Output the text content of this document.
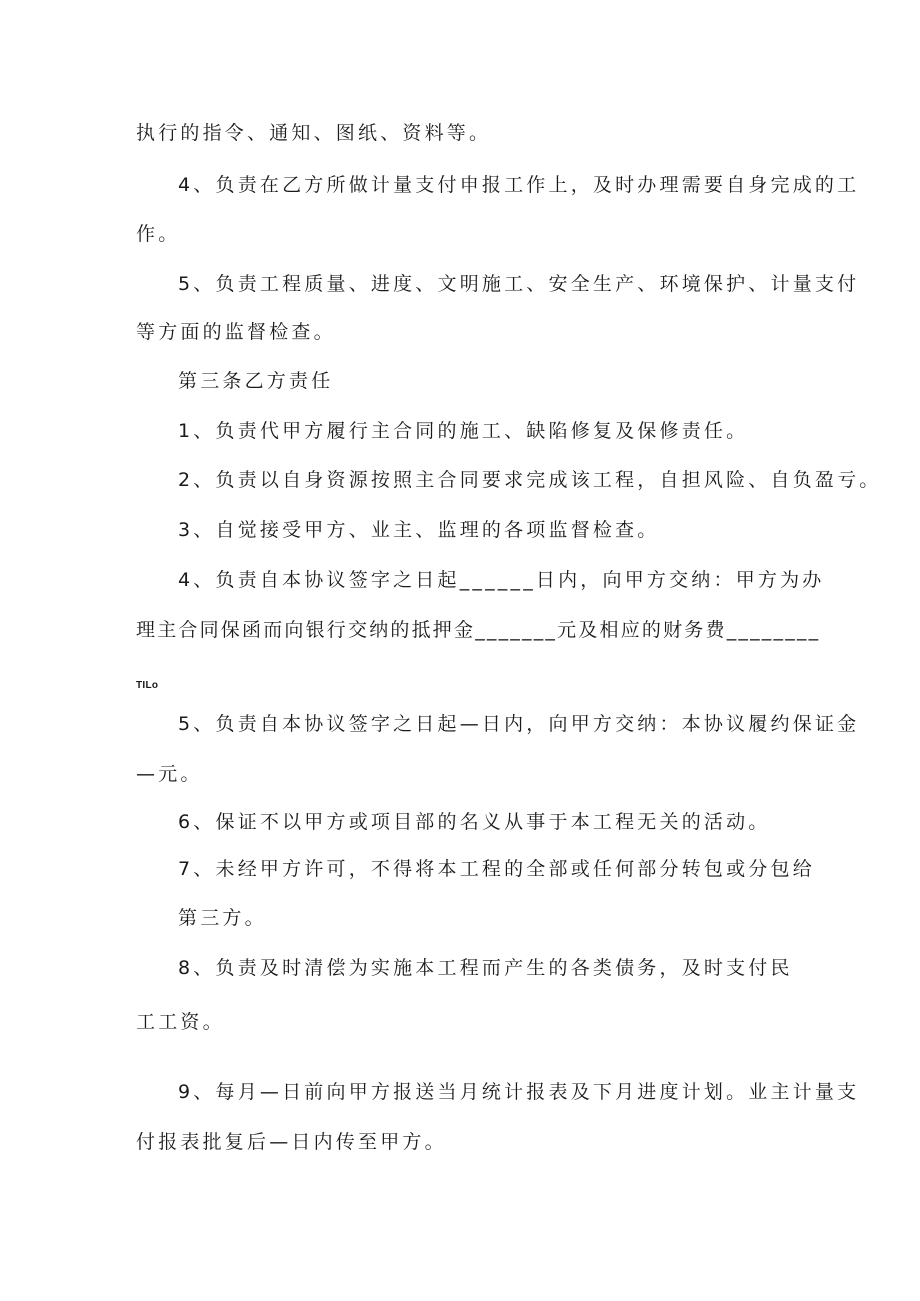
执行的指令、通知、图纸、资料等。
4、负责在乙方所做计量支付申报工作上，及时办理需要自身完成的工
作。
5、负责工程质量、进度、文明施工、安全生产、环境保护、计量支付
等方面的监督检查。
第三条乙方责任
1、负责代甲方履行主合同的施工、缺陷修复及保修责任。
2、负责以自身资源按照主合同要求完成该工程，自担风险、自负盈亏。
3、自觉接受甲方、业主、监理的各项监督检查。
4、负责自本协议签字之日起______日内，向甲方交纳：甲方为办
理主合同保函而向银行交纳的抵押金_______元及相应的财务费________
TILo
5、负责自本协议签字之日起—日内，向甲方交纳：本协议履约保证金
—元。
6、保证不以甲方或项目部的名义从事于本工程无关的活动。
7、未经甲方许可，不得将本工程的全部或任何部分转包或分包给
第三方。
8、负责及时清偿为实施本工程而产生的各类债务，及时支付民
工工资。
9、每月—日前向甲方报送当月统计报表及下月进度计划。业主计量支
付报表批复后—日内传至甲方。
